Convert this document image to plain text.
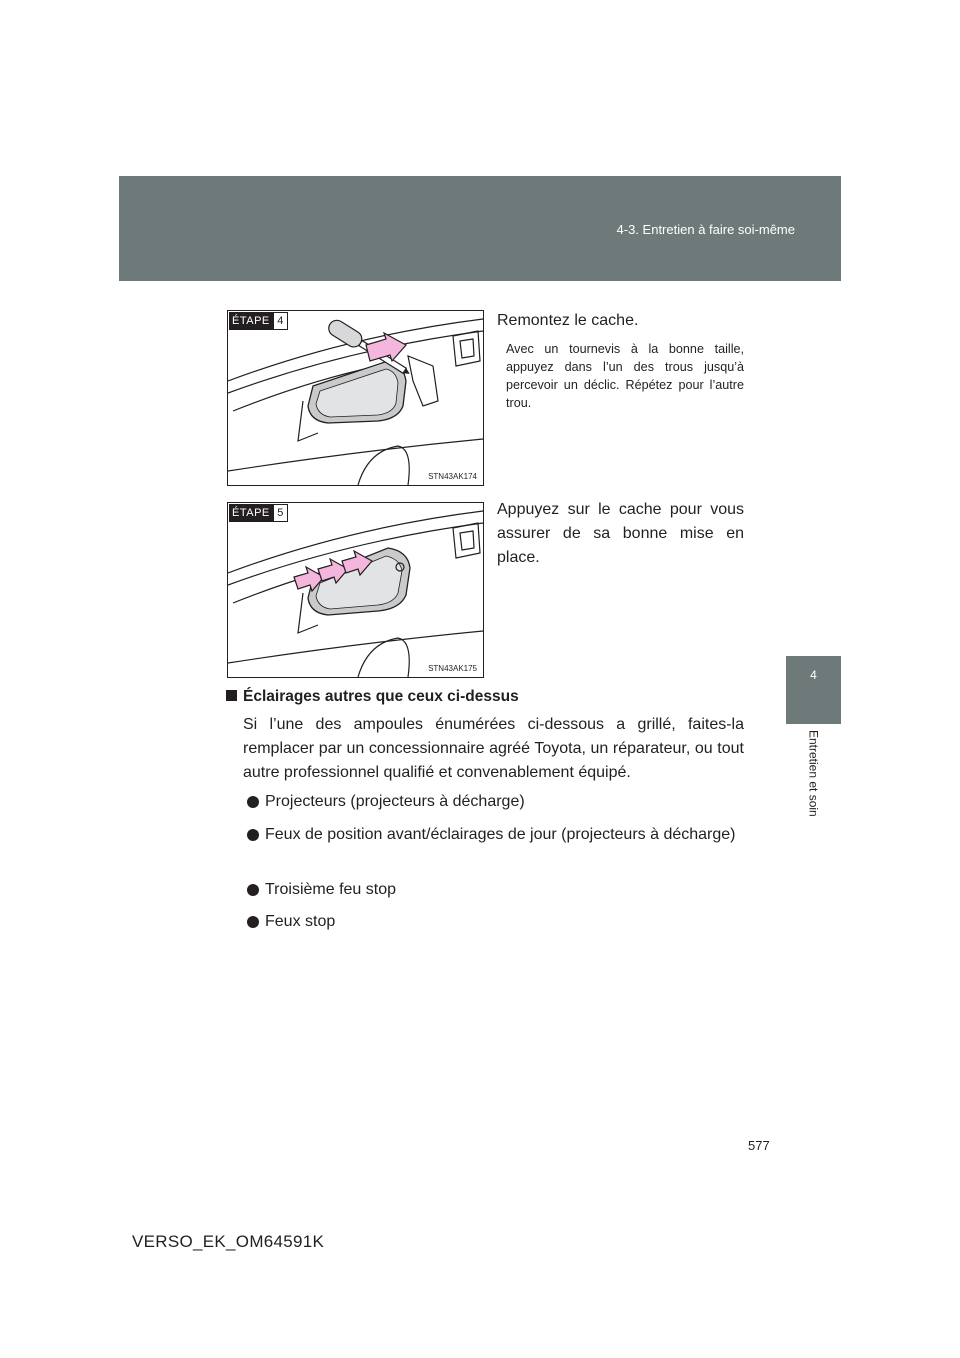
4-3. Entretien à faire soi-même
4
Entretien et soin
ÉTAPE 4
STN43AK174
Remontez le cache.
Avec un tournevis à la bonne taille, appuyez dans l’un des trous jusqu’à percevoir un déclic. Répétez pour l’autre trou.
ÉTAPE 5
STN43AK175
Appuyez sur le cache pour vous assurer de sa bonne mise en place.
Éclairages autres que ceux ci-dessus
Si l’une des ampoules énumérées ci-dessous a grillé, faites-la remplacer par un concessionnaire agréé Toyota, un réparateur, ou tout autre professionnel qualifié et convenablement équipé.
Projecteurs (projecteurs à décharge)
Feux de position avant/éclairages de jour (projecteurs à décharge)
Troisième feu stop
Feux stop
577
VERSO_EK_OM64591K
